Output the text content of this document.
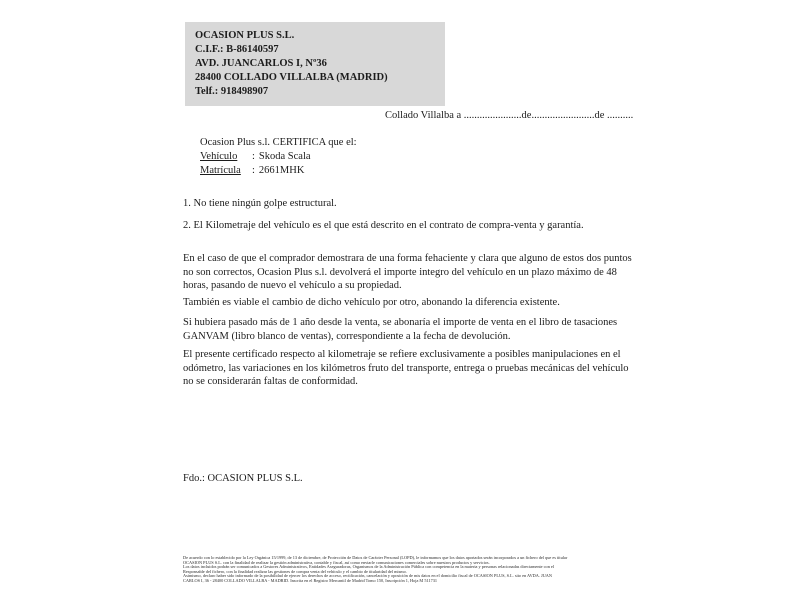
OCASION PLUS S.L.
C.I.F.: B-86140597
AVD. JUANCARLOS I, Nº36
28400 COLLADO VILLALBA (MADRID)
Telf.: 918498907
Collado Villalba a ......................de........................de ..........
Ocasion Plus s.l. CERTIFICA que el:
Vehículo : Skoda Scala
Matrícula : 2661MHK
1. No tiene ningún golpe estructural.
2. El Kilometraje del vehículo es el que está descrito en el contrato de compra-venta y garantía.
En el caso de que el comprador demostrara de una forma fehaciente y clara que alguno de estos dos puntos no son correctos, Ocasion Plus s.l. devolverá el importe integro del vehículo en un plazo máximo de 48 horas, pasando de nuevo el vehículo a su propiedad.
También es viable el cambio de dicho vehículo por otro, abonando la diferencia existente.
Si hubiera pasado más de 1 año desde la venta, se abonaría el importe de venta en el libro de tasaciones GANVAM (libro blanco de ventas), correspondiente a la fecha de devolución.
El presente certificado respecto al kilometraje se refiere exclusivamente a posibles manipulaciones en el odómetro, las variaciones en los kilómetros fruto del transporte, entrega o pruebas mecánicas del vehículo no se considerarán faltas de conformidad.
Fdo.: OCASION PLUS S.L.
De acuerdo con lo establecido por la Ley Orgánica 15/1999, de 13 de diciembre, de Protección de Datos de Carácter Personal (LOPD), le informamos que los datos aportados serán incorporados a un fichero del que es titular
OCASIÓN PLUS S.L. con la finalidad de realizar la gestión administrativa, contable y fiscal, así como enviarle comunicaciones comerciales sobre nuestros productos y servicios.
Los datos incluidos podrán ser comunicados a Gestores Administrativos, Entidades Aseguradoras, Organismos de la Administración Pública con competencia en la materia y personas relacionadas directamente con el
Responsable del fichero, con la finalidad realizar las gestiones de compra venta del vehículo y el cambio de titularidad del mismo.
Asimismo, declaro haber sido informado de la posibilidad de ejercer los derechos de acceso, rectificación, cancelación y oposición de mis datos en el domicilio fiscal de OCASIÓN PLUS, S.L. sito en AVDA. JUAN
CARLOS I, 36 - 28400 COLLADO VILLALBA - MADRID. Inscrita en el Registro Mercantil de Madrid Tomo 150, Inscripción 1, Hoja M 511731
